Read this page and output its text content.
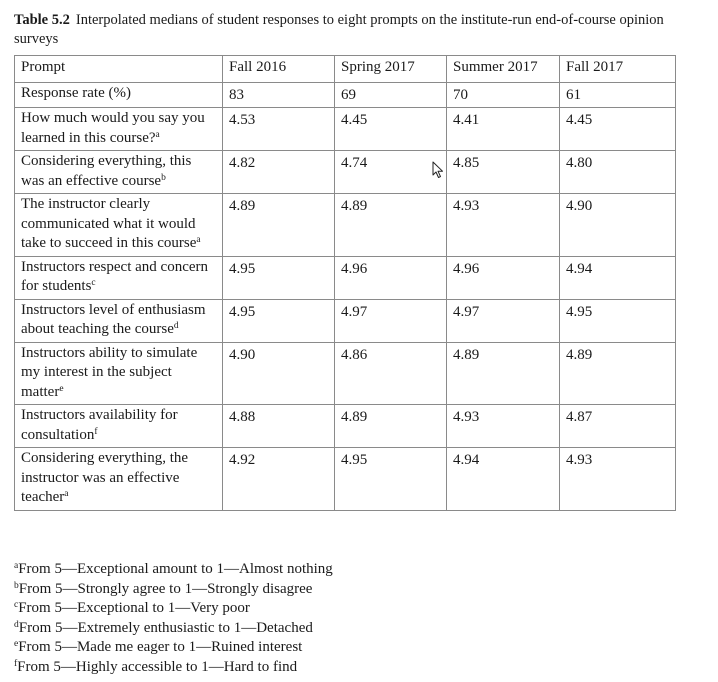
Table 5.2 Interpolated medians of student responses to eight prompts on the institute-run end-of-course opinion surveys
Prompt	Fall 2016	Spring 2017	Summer 2017	Fall 2017
Response rate (%)	83	69	70	61
How much would you say you learned in this course?$^a$	4.53	4.45	4.41	4.45
Considering everything, this was an effective course$^b$	4.82	4.74	4.85	4.80
The instructor clearly communicated what it would take to succeed in this course$^a$	4.89	4.89	4.93	4.90
Instructors respect and concern for students$^c$	4.95	4.96	4.96	4.94
Instructors level of enthusiasm about teaching the course$^d$	4.95	4.97	4.97	4.95
Instructors ability to simulate my interest in the subject matter$^e$	4.90	4.86	4.89	4.89
Instructors availability for consultation$^f$	4.88	4.89	4.93	4.87
Considering everything, the instructor was an effective teacher$^a$	4.92	4.95	4.94	4.93
$^a$From 5—Exceptional amount to 1—Almost nothing
$^b$From 5—Strongly agree to 1—Strongly disagree
$^c$From 5—Exceptional to 1—Very poor
$^d$From 5—Extremely enthusiastic to 1—Detached
$^e$From 5—Made me eager to 1—Ruined interest
$^f$From 5—Highly accessible to 1—Hard to find
